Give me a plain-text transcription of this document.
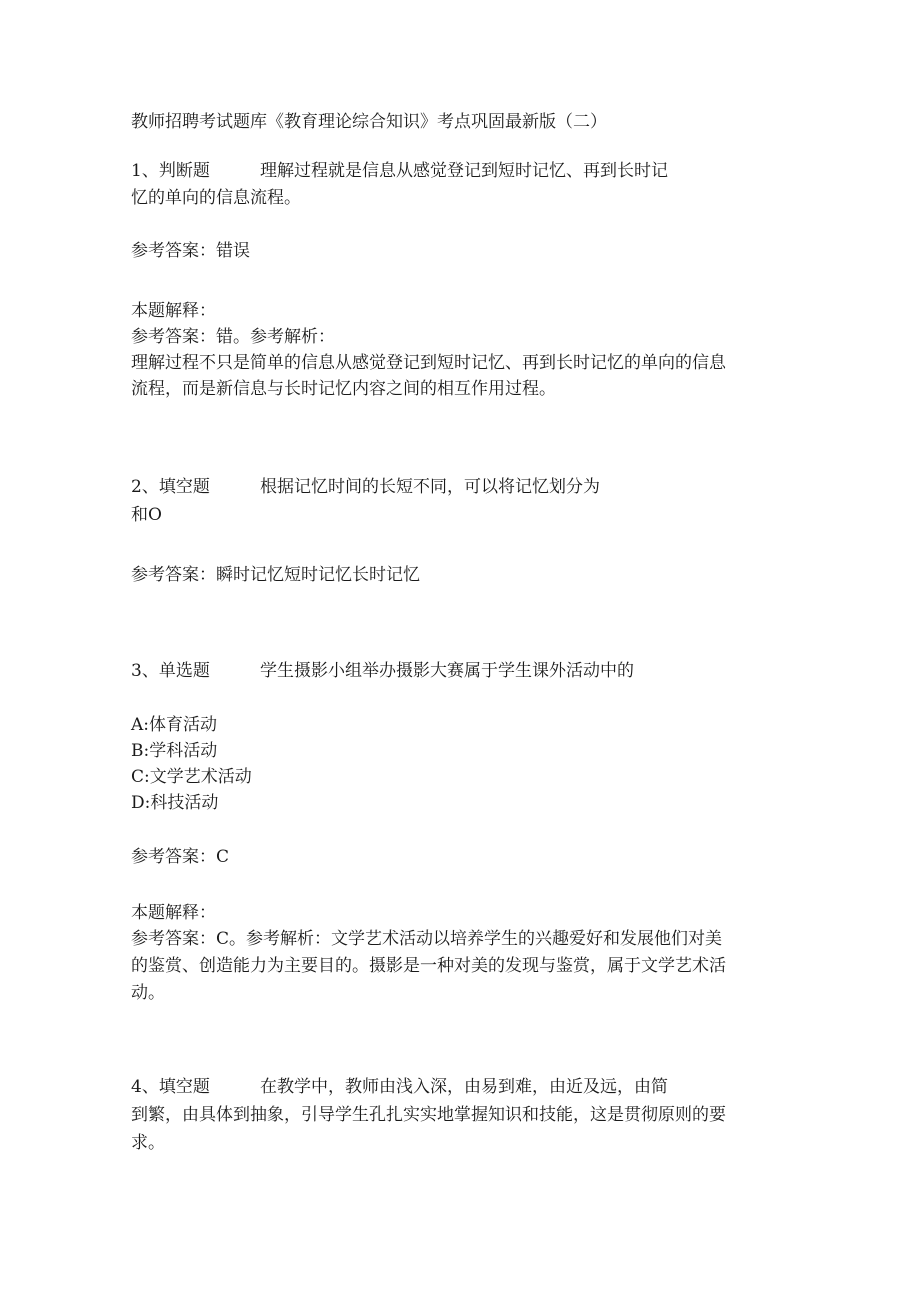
教师招聘考试题库《教育理论综合知识》考点巩固最新版（二）
1、判断题	理解过程就是信息从感觉登记到短时记忆、再到长时记
忆的单向的信息流程。
参考答案：错误
本题解释：
参考答案：错。参考解析：
理解过程不只是简单的信息从感觉登记到短时记忆、再到长时记忆的单向的信息
流程，而是新信息与长时记忆内容之间的相互作用过程。
2、填空题	根据记忆时间的长短不同，可以将记忆划分为
和O
参考答案：瞬时记忆短时记忆长时记忆
3、单选题	学生摄影小组举办摄影大赛属于学生课外活动中的
A:体育活动
B:学科活动
C:文学艺术活动
D:科技活动
参考答案：C
本题解释：
参考答案：C。参考解析：文学艺术活动以培养学生的兴趣爱好和发展他们对美
的鉴赏、创造能力为主要目的。摄影是一种对美的发现与鉴赏，属于文学艺术活
动。
4、填空题	在教学中，教师由浅入深，由易到难，由近及远，由简
到繁，由具体到抽象，引导学生孔扎实实地掌握知识和技能，这是贯彻原则的要
求。
